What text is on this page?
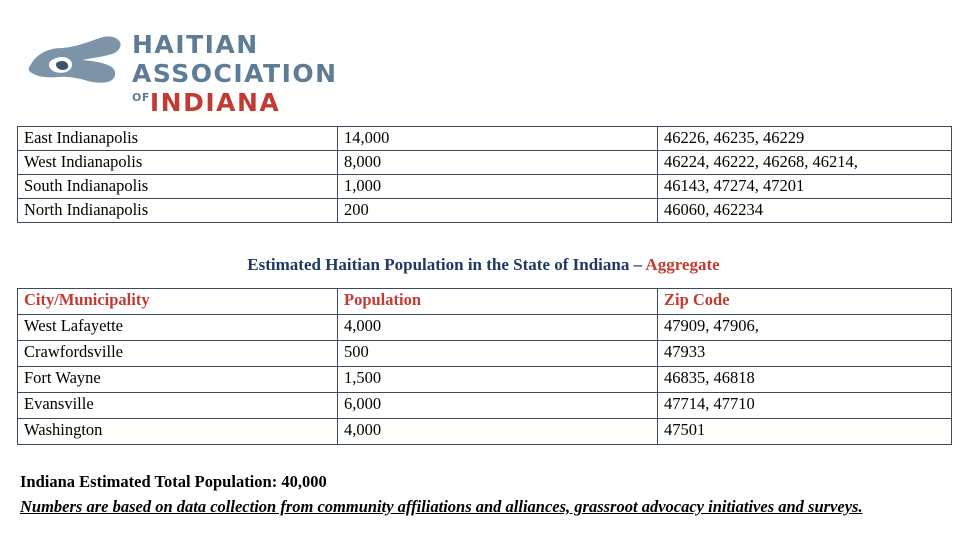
HAITIAN
ASSOCIATION
OFINDIANA
East Indianapolis	14,000	46226, 46235, 46229
West Indianapolis	8,000	46224, 46222, 46268, 46214,
South Indianapolis	1,000	46143, 47274, 47201
North Indianapolis	200	46060, 462234
Estimated Haitian Population in the State of Indiana – Aggregate
City/Municipality	Population	Zip Code
West Lafayette	4,000	47909, 47906,
Crawfordsville	500	47933
Fort Wayne	1,500	46835, 46818
Evansville	6,000	47714, 47710
Washington	4,000	47501
Indiana Estimated Total Population: 40,000
Numbers are based on data collection from community affiliations and alliances, grassroot advocacy initiatives and surveys.
